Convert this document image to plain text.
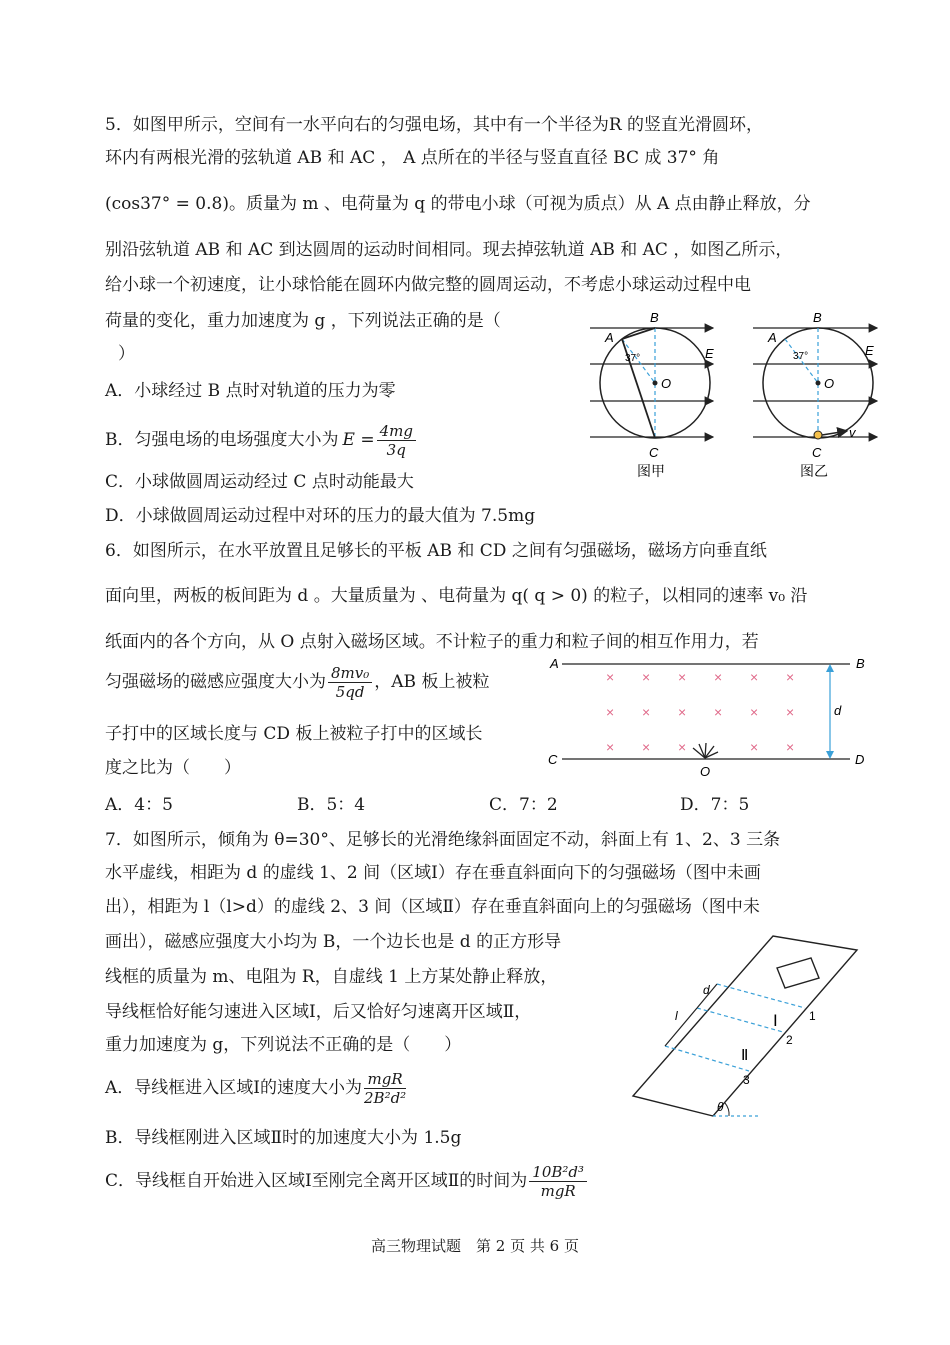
5．如图甲所示，空间有一水平向右的匀强电场，其中有一个半径为R 的竖直光滑圆环，
环内有两根光滑的弦轨道 AB 和 AC ， A 点所在的半径与竖直直径 BC 成 37° 角
(cos37° = 0.8)。质量为 m 、电荷量为 q 的带电小球（可视为质点）从 A 点由静止释放，分
别沿弦轨道 AB 和 AC 到达圆周的运动时间相同。现去掉弦轨道 AB 和 AC ，如图乙所示，
给小球一个初速度，让小球恰能在圆环内做完整的圆周运动，不考虑小球运动过程中电
荷量的变化，重力加速度为 g ，下列说法正确的是（
）
A．小球经过 B 点时对轨道的压力为零
B．匀强电场的电场强度大小为 $E = \frac{4mg}{3q}$
C．小球做圆周运动经过 C 点时动能最大
D．小球做圆周运动过程中对环的压力的最大值为 7.5mg
B
A
37°	E
O
C
图甲
B
A
37°	E
O
v
C
图乙
6．如图所示，在水平放置且足够长的平板 AB 和 CD 之间有匀强磁场，磁场方向垂直纸
面向里，两板的板间距为 d 。大量质量为 、电荷量为 q( q > 0) 的粒子，以相同的速率 v₀ 沿
纸面内的各个方向，从 O 点射入磁场区域。不计粒子的重力和粒子间的相互作用力，若
匀强磁场的磁感应强度大小为 $\frac{\text{8mv₀}}{5qd}$ ，AB 板上被粒
子打中的区域长度与 CD 板上被粒子打中的区域长
度之比为（　　）
A．4：5	B．5：4	C．7：2	D．7：5
A	B
C	D
d
O
× × × × × ×
× × × × × ×
× × ×	× ×
7．如图所示，倾角为 θ=30°、足够长的光滑绝缘斜面固定不动，斜面上有 1、2、3 三条
水平虚线，相距为 d 的虚线 1、2 间（区域Ⅰ）存在垂直斜面向下的匀强磁场（图中未画
出），相距为 l（l>d）的虚线 2、3 间（区域Ⅱ）存在垂直斜面向上的匀强磁场（图中未
画出），磁感应强度大小均为 B，一个边长也是 d 的正方形导
线框的质量为 m、电阻为 R，自虚线 1 上方某处静止释放，
导线框恰好能匀速进入区域Ⅰ，后又恰好匀速离开区域Ⅱ，
重力加速度为 g，下列说法不正确的是（　　）
A．导线框进入区域Ⅰ的速度大小为 $\frac{\text{mgR}}{\text{2B²d²}}$
B．导线框刚进入区域Ⅱ时的加速度大小为 1.5g
C．导线框自开始进入区域Ⅰ至刚完全离开区域Ⅱ的时间为 $\frac{\text{10B²d³}}{\text{mgR}}$
d
l	Ⅰ
Ⅱ
1
2
3
θ
高三物理试题　第 2 页 共 6 页
